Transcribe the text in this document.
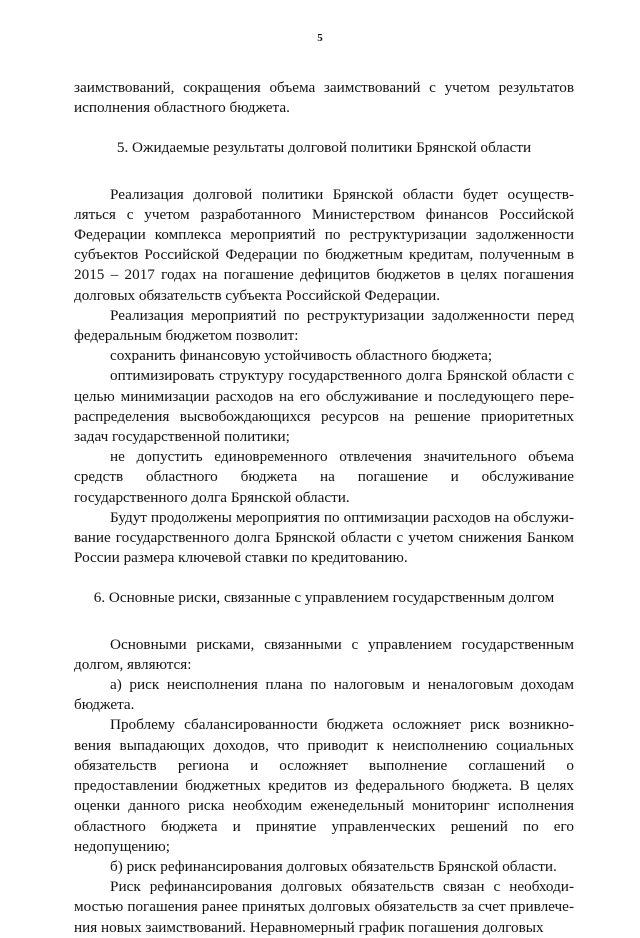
5

заимствований, сокращения объема заимствований с учетом результатов исполнения областного бюджета.

5. Ожидаемые результаты долговой политики Брянской области

Реализация долговой политики Брянской области будет осуществляться с учетом разработанного Министерством финансов Российской Федерации комплекса мероприятий по реструктуризации задолженности субъектов Российской Федерации по бюджетным кредитам, полученным в 2015 – 2017 годах на погашение дефицитов бюджетов в целях погашения долговых обязательств субъекта Российской Федерации.

Реализация мероприятий по реструктуризации задолженности перед федеральным бюджетом позволит:

сохранить финансовую устойчивость областного бюджета;

оптимизировать структуру государственного долга Брянской области с целью минимизации расходов на его обслуживание и последующего перераспределения высвобождающихся ресурсов на решение приоритетных задач государственной политики;

не допустить единовременного отвлечения значительного объема средств областного бюджета на погашение и обслуживание государственного долга Брянской области.

Будут продолжены мероприятия по оптимизации расходов на обслуживание государственного долга Брянской области с учетом снижения Банком России размера ключевой ставки по кредитованию.

6. Основные риски, связанные с управлением государственным долгом

Основными рисками, связанными с управлением государственным долгом, являются:

а) риск неисполнения плана по налоговым и неналоговым доходам бюджета.

Проблему сбалансированности бюджета осложняет риск возникновения выпадающих доходов, что приводит к неисполнению социальных обязательств региона и осложняет выполнение соглашений о предоставлении бюджетных кредитов из федерального бюджета. В целях оценки данного риска необходим еженедельный мониторинг исполнения областного бюджета и принятие управленческих решений по его недопущению;

б) риск рефинансирования долговых обязательств Брянской области.

Риск рефинансирования долговых обязательств связан с необходимостью погашения ранее принятых долговых обязательств за счет привлечения новых заимствований. Неравномерный график погашения долговых
